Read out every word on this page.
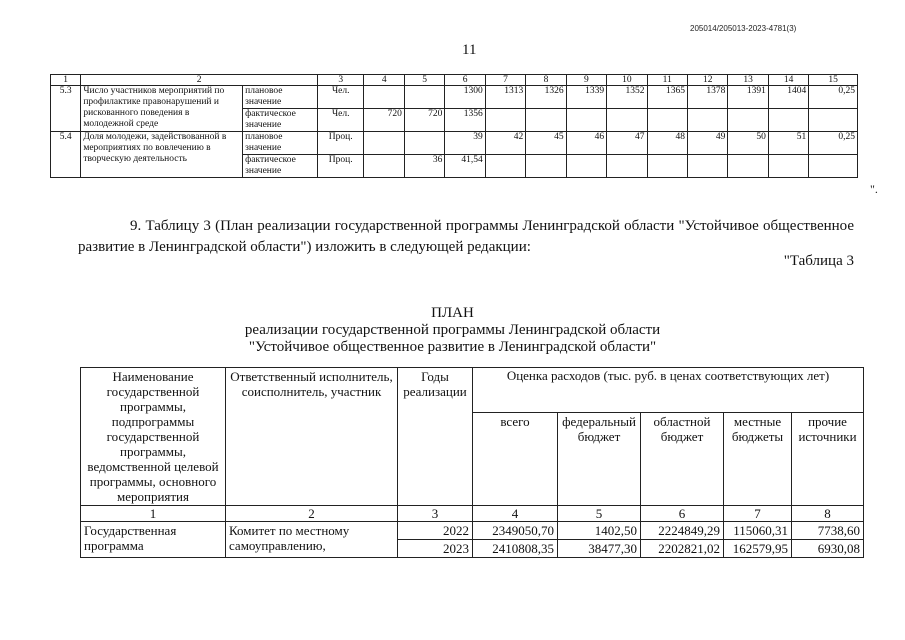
205014/205013-2023-4781(3)
11
1	2		3	4	5	6	7	8	9	10	11	12	13	14	15
5.3	Число участников мероприятий по профилактике правонарушений и рискованного поведения в молодежной среде	плановое значение	Чел.			1300	1313	1326	1339	1352	1365	1378	1391	1404	0,25
		фактическое значение	Чел.	720	720	1356									
5.4	Доля молодежи, задействованной в мероприятиях по вовлечению в творческую деятельность	плановое значение	Проц.			39	42	45	46	47	48	49	50	51	0,25
		фактическое значение	Проц.		36	41,54									
".
9. Таблицу 3 (План реализации государственной программы Ленинградской области "Устойчивое общественное развитие в Ленинградской области") изложить в следующей редакции:
"Таблица 3
ПЛАН
реализации государственной программы Ленинградской области
"Устойчивое общественное развитие в Ленинградской области"
Наименование государственной программы, подпрограммы государственной программы, ведомственной целевой программы, основного мероприятия	Ответственный исполнитель, соисполнитель, участник	Годы реализации	Оценка расходов (тыс. руб. в ценах соответствующих лет)				
			всего	федеральный бюджет	областной бюджет	местные бюджеты	прочие источники
1	2	3	4	5	6	7	8
Государственная программа	Комитет по местному самоуправлению,	2022	2349050,70	1402,50	2224849,29	115060,31	7738,60
		2023	2410808,35	38477,30	2202821,02	162579,95	6930,08
